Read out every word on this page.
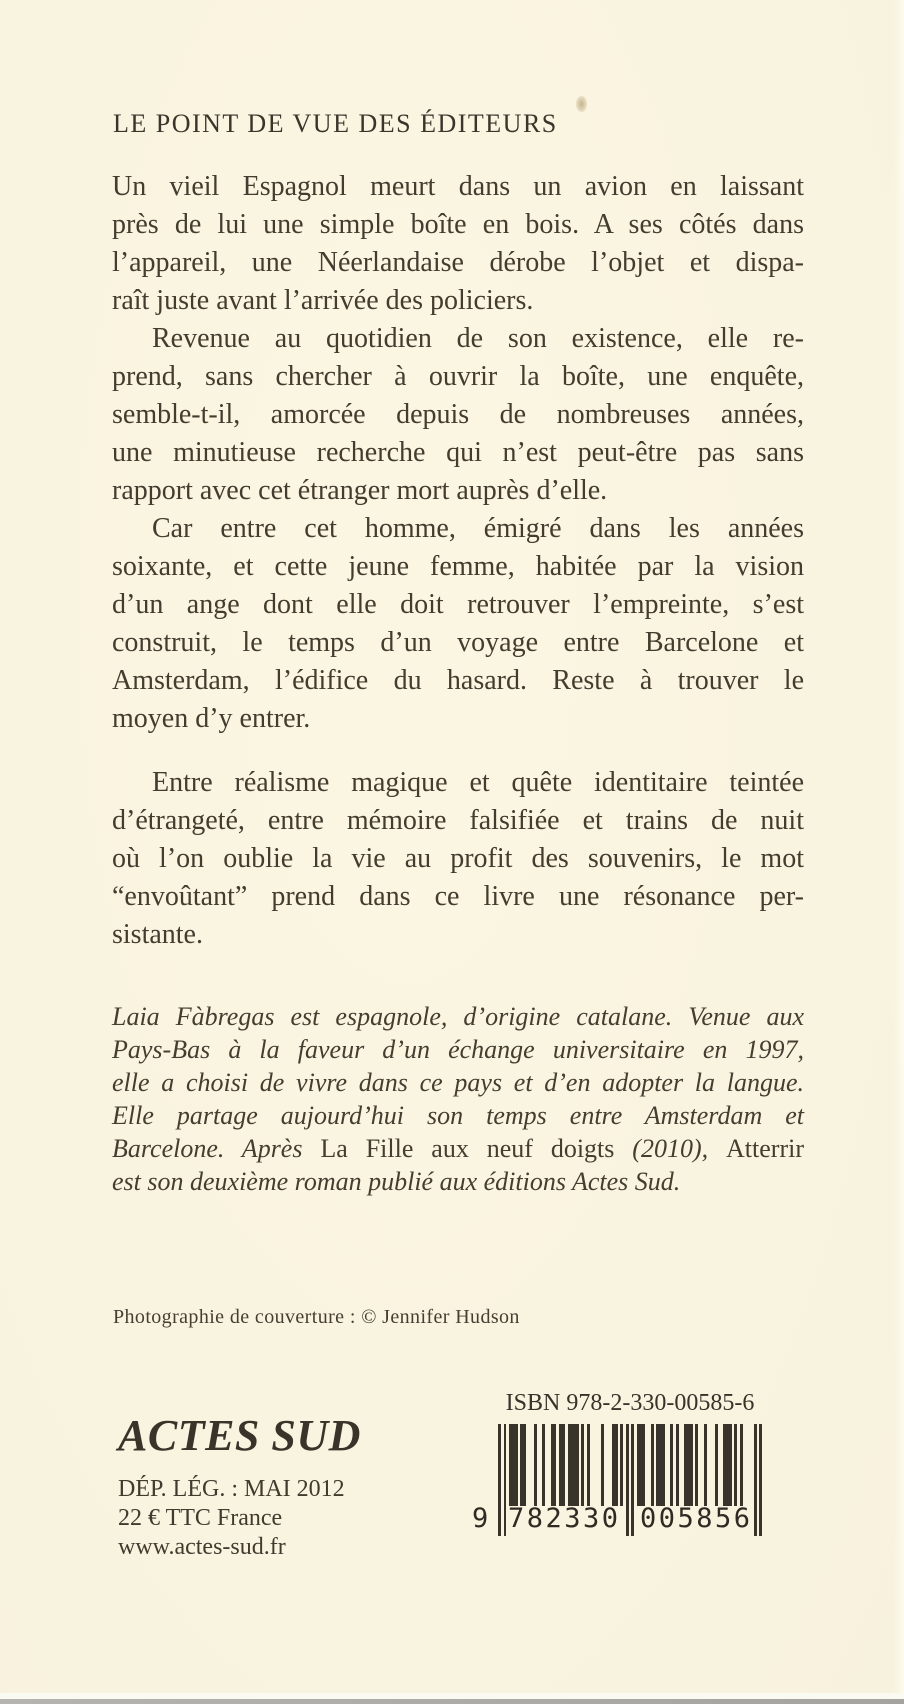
LE POINT DE VUE DES ÉDITEURS
Un vieil Espagnol meurt dans un avion en laissant
près de lui une simple boîte en bois. A ses côtés dans
l’appareil, une Néerlandaise dérobe l’objet et dispa-
raît juste avant l’arrivée des policiers.
Revenue au quotidien de son existence, elle re-
prend, sans chercher à ouvrir la boîte, une enquête,
semble-t-il, amorcée depuis de nombreuses années,
une minutieuse recherche qui n’est peut-être pas sans
rapport avec cet étranger mort auprès d’elle.
Car entre cet homme, émigré dans les années
soixante, et cette jeune femme, habitée par la vision
d’un ange dont elle doit retrouver l’empreinte, s’est
construit, le temps d’un voyage entre Barcelone et
Amsterdam, l’édifice du hasard. Reste à trouver le
moyen d’y entrer.
Entre réalisme magique et quête identitaire teintée
d’étrangeté, entre mémoire falsifiée et trains de nuit
où l’on oublie la vie au profit des souvenirs, le mot
“envoûtant” prend dans ce livre une résonance per-
sistante.
Laia Fàbregas est espagnole, d’origine catalane. Venue aux
Pays-Bas à la faveur d’un échange universitaire en 1997,
elle a choisi de vivre dans ce pays et d’en adopter la langue.
Elle partage aujourd’hui son temps entre Amsterdam et
Barcelone. Après La Fille aux neuf doigts (2010), Atterrir
est son deuxième roman publié aux éditions Actes Sud.
Photographie de couverture : © Jennifer Hudson
ACTES SUD
DÉP. LÉG. : MAI 2012
22 € TTC France
www.actes-sud.fr
ISBN 978-2-330-00585-6
9 782330 005856
